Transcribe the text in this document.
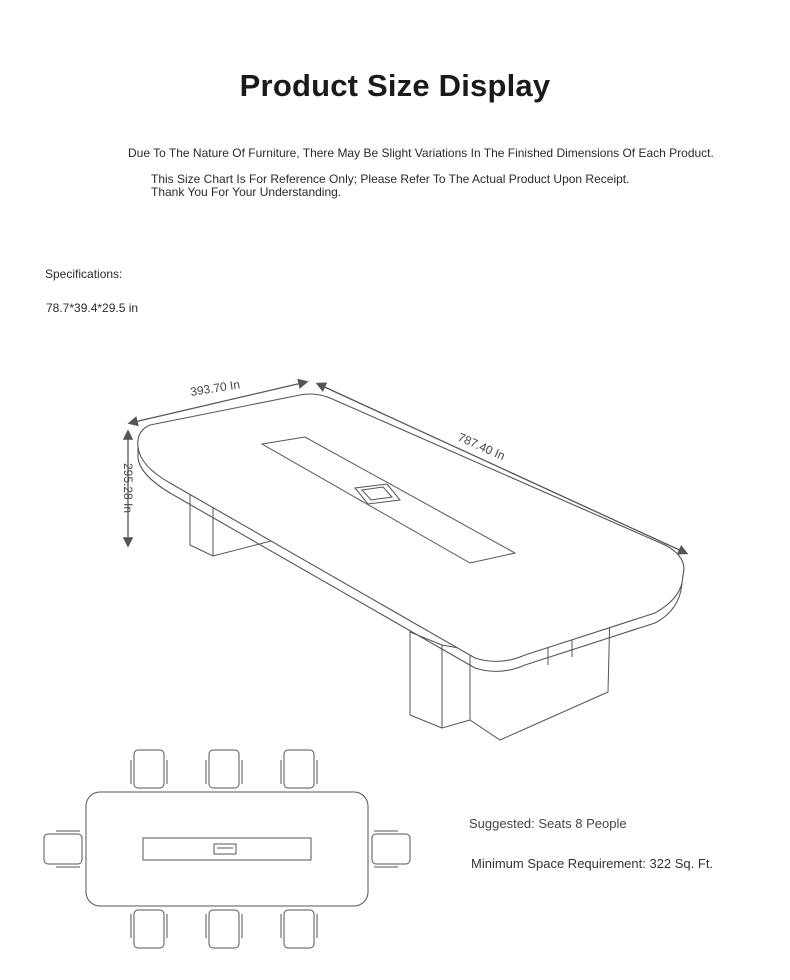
Product Size Display
Due To The Nature Of Furniture, There May Be Slight Variations In The Finished Dimensions Of Each Product.
This Size Chart Is For Reference Only; Please Refer To The Actual Product Upon Receipt.
Thank You For Your Understanding.
Specifications:
78.7*39.4*29.5 in
393.70 In
787.40 In
295.28 In
Suggested: Seats 8 People
Minimum Space Requirement: 322 Sq. Ft.
